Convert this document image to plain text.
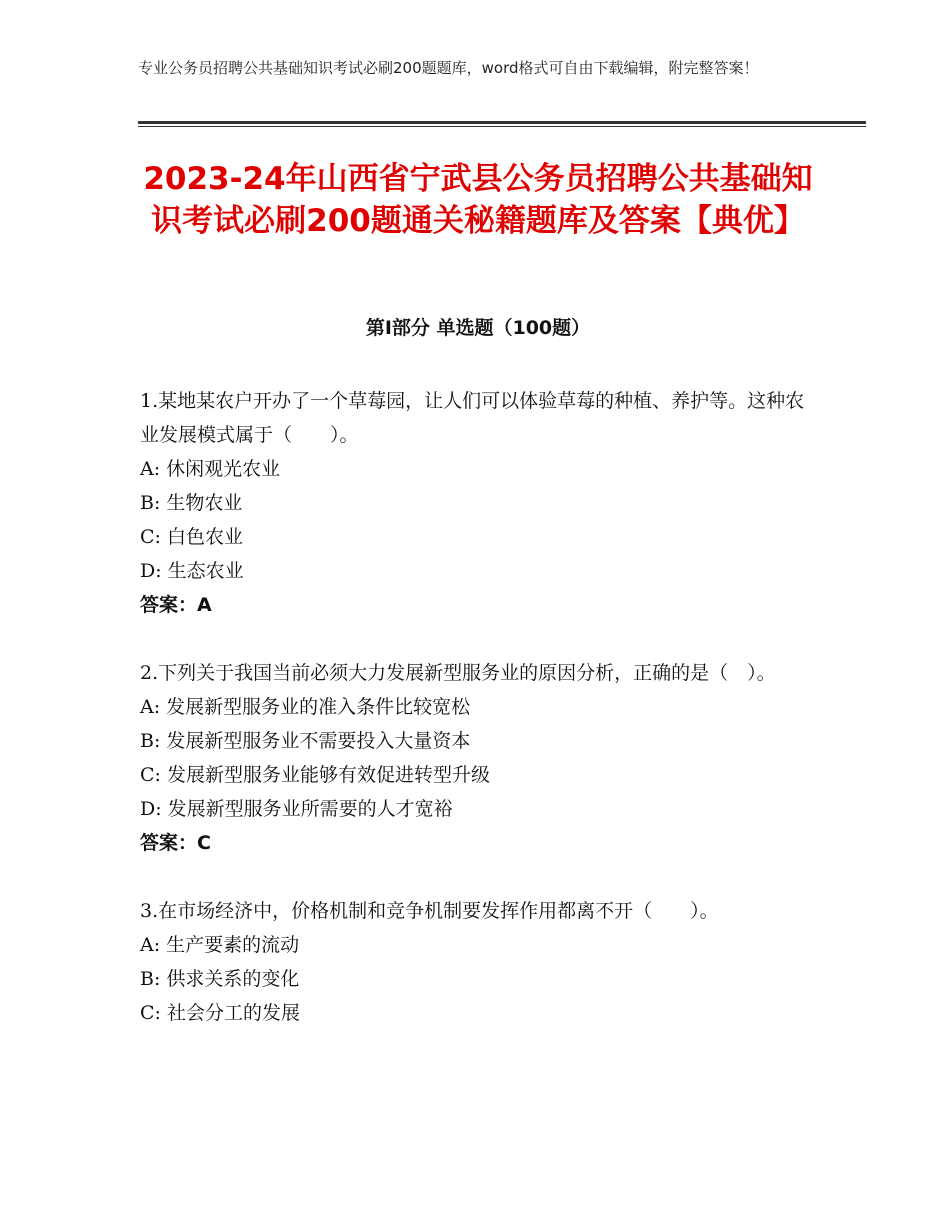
专业公务员招聘公共基础知识考试必刷200题题库，word格式可自由下载编辑，附完整答案！
2023-24年山西省宁武县公务员招聘公共基础知识考试必刷200题通关秘籍题库及答案【典优】
第Ⅰ部分 单选题（100题）

1.某地某农户开办了一个草莓园，让人们可以体验草莓的种植、养护等。这种农业发展模式属于（　　）。

A: 休闲观光农业

B: 生物农业

C: 白色农业

D: 生态农业

答案：A

2.下列关于我国当前必须大力发展新型服务业的原因分析，正确的是（　）。

A: 发展新型服务业的准入条件比较宽松

B: 发展新型服务业不需要投入大量资本

C: 发展新型服务业能够有效促进转型升级

D: 发展新型服务业所需要的人才宽裕

答案：C

3.在市场经济中，价格机制和竞争机制要发挥作用都离不开（　　）。

A: 生产要素的流动

B: 供求关系的变化

C: 社会分工的发展
